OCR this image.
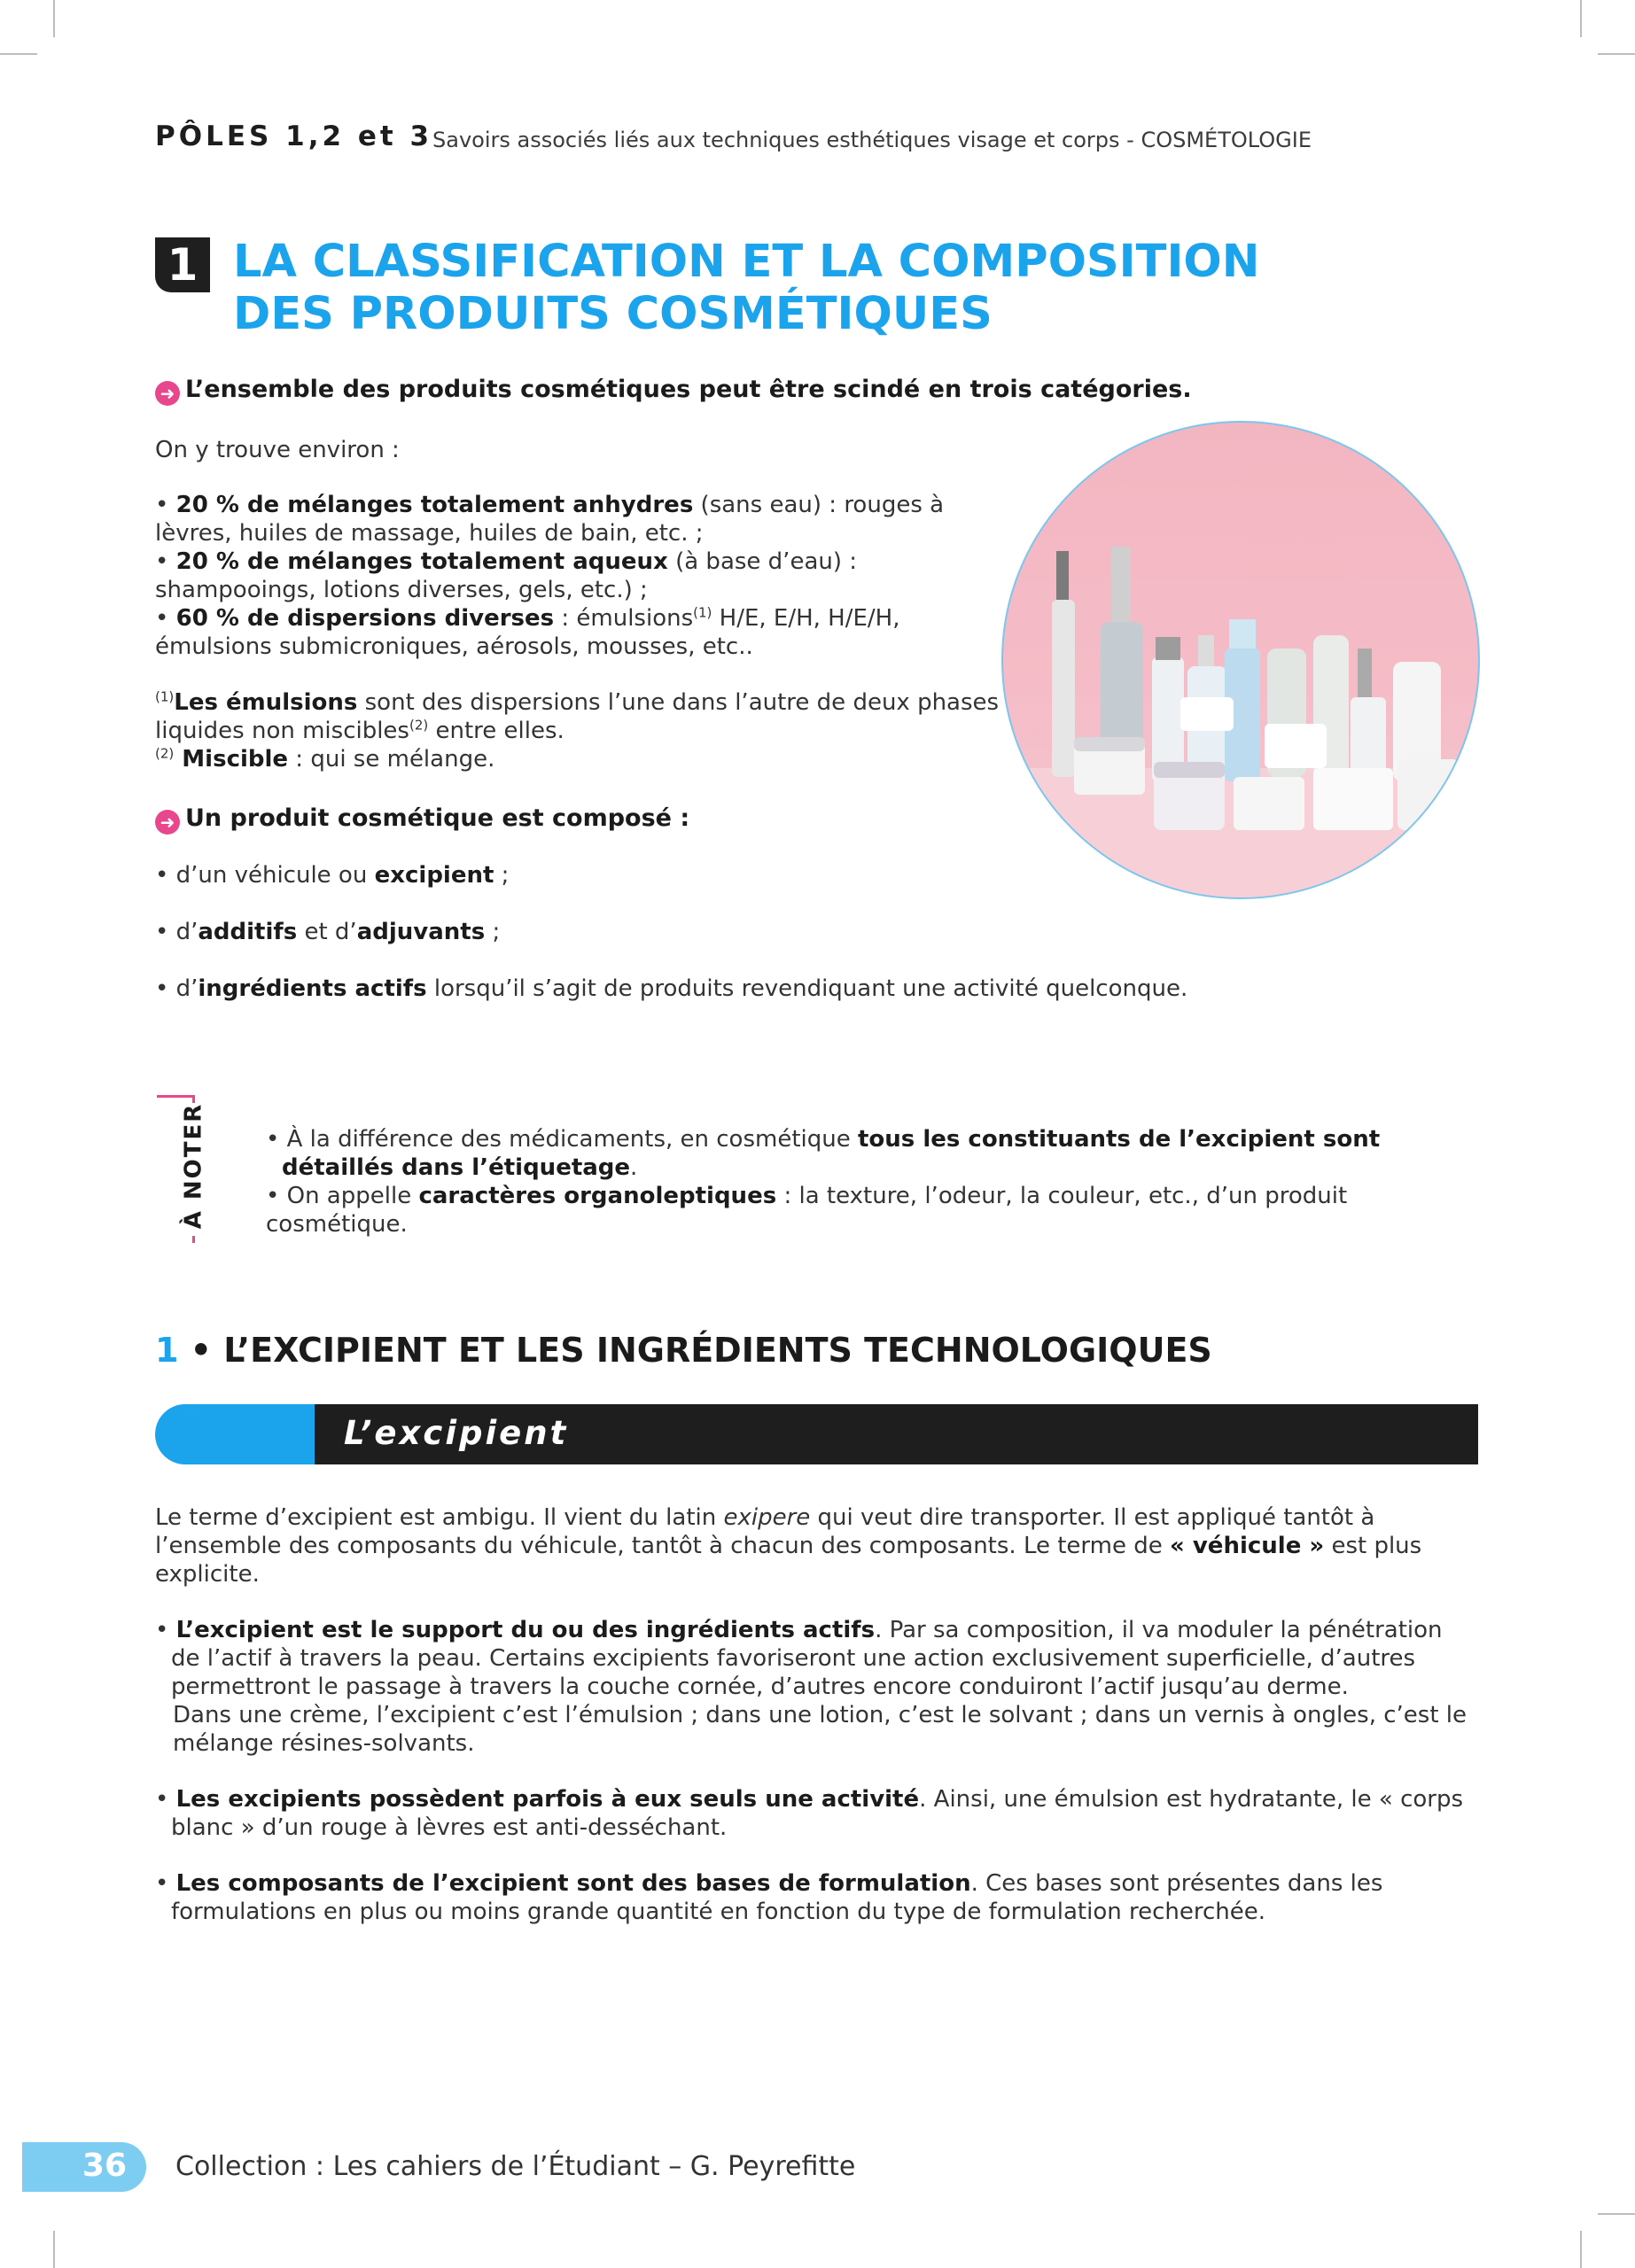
PÔLES 1,2 et 3 Savoirs associés liés aux techniques esthétiques visage et corps - COSMÉTOLOGIE
1 LA CLASSIFICATION ET LA COMPOSITION
DES PRODUITS COSMÉTIQUES
➜ L’ensemble des produits cosmétiques peut être scindé en trois catégories.
On y trouve environ :
• 20 % de mélanges totalement anhydres (sans eau) : rouges à lèvres, huiles de massage, huiles de bain, etc. ;
• 20 % de mélanges totalement aqueux (à base d’eau) : shampooings, lotions diverses, gels, etc.) ;
• 60 % de dispersions diverses : émulsions$^{(1)}$ H/E, E/H, H/E/H, émulsions submicroniques, aérosols, mousses, etc..
$^{(1)}$Les émulsions sont des dispersions l’une dans l’autre de deux phases liquides non miscibles$^{(2)}$ entre elles.
$^{(2)}$ Miscible : qui se mélange.
➜ Un produit cosmétique est composé :
• d’un véhicule ou excipient ;
• d’additifs et d’adjuvants ;
• d’ingrédients actifs lorsqu’il s’agit de produits revendiquant une activité quelconque.
À NOTER	• À la différence des médicaments, en cosmétique tous les constituants de l’excipient sont détaillés dans l’étiquetage.
• On appelle caractères organoleptiques : la texture, l’odeur, la couleur, etc., d’un produit cosmétique.
1 • L’EXCIPIENT ET LES INGRÉDIENTS TECHNOLOGIQUES
L’excipient
Le terme d’excipient est ambigu. Il vient du latin exipere qui veut dire transporter. Il est appliqué tantôt à l’ensemble des composants du véhicule, tantôt à chacun des composants. Le terme de « véhicule » est plus explicite.
• L’excipient est le support du ou des ingrédients actifs. Par sa composition, il va moduler la pénétration de l’actif à travers la peau. Certains excipients favoriseront une action exclusivement superficielle, d’autres permettront le passage à travers la couche cornée, d’autres encore conduiront l’actif jusqu’au derme.
Dans une crème, l’excipient c’est l’émulsion ; dans une lotion, c’est le solvant ; dans un vernis à ongles, c’est le mélange résines-solvants.
• Les excipients possèdent parfois à eux seuls une activité. Ainsi, une émulsion est hydratante, le « corps blanc » d’un rouge à lèvres est anti-desséchant.
• Les composants de l’excipient sont des bases de formulation. Ces bases sont présentes dans les formulations en plus ou moins grande quantité en fonction du type de formulation recherchée.
36 Collection : Les cahiers de l’Étudiant – G. Peyrefitte
